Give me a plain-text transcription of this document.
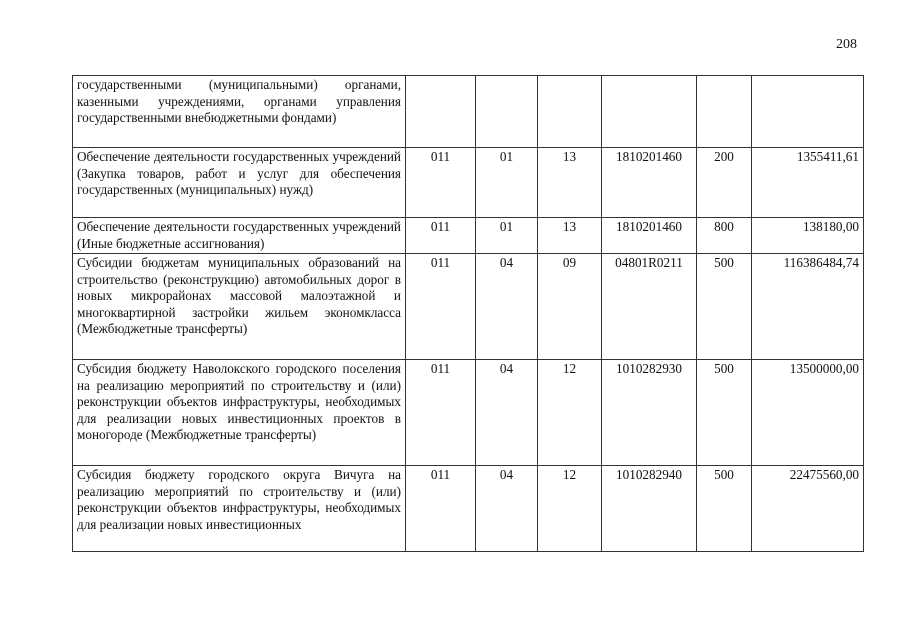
208
государственными (муниципальными) органами, казенными учреждениями, органами управления государственными внебюджетными фондами)						
Обеспечение деятельности государственных учреждений (Закупка товаров, работ и услуг для обеспечения государственных (муниципальных) нужд)	011	01	13	1810201460	200	1355411,61
Обеспечение деятельности государственных учреждений (Иные бюджетные ассигнования)	011	01	13	1810201460	800	138180,00
Субсидии бюджетам муниципальных образований на строительство (реконструкцию) автомобильных дорог в новых микрорайонах массовой малоэтажной и многоквартирной застройки жильем экономкласса (Межбюджетные трансферты)	011	04	09	04801R0211	500	116386484,74
Субсидия бюджету Наволокского городского поселения на реализацию мероприятий по строительству и (или) реконструкции объектов инфраструктуры, необходимых для реализации новых инвестиционных проектов в моногороде (Межбюджетные трансферты)	011	04	12	1010282930	500	13500000,00
Субсидия бюджету городского округа Вичуга на реализацию мероприятий по строительству и (или) реконструкции объектов инфраструктуры, необходимых для реализации новых инвестиционных	011	04	12	1010282940	500	22475560,00
